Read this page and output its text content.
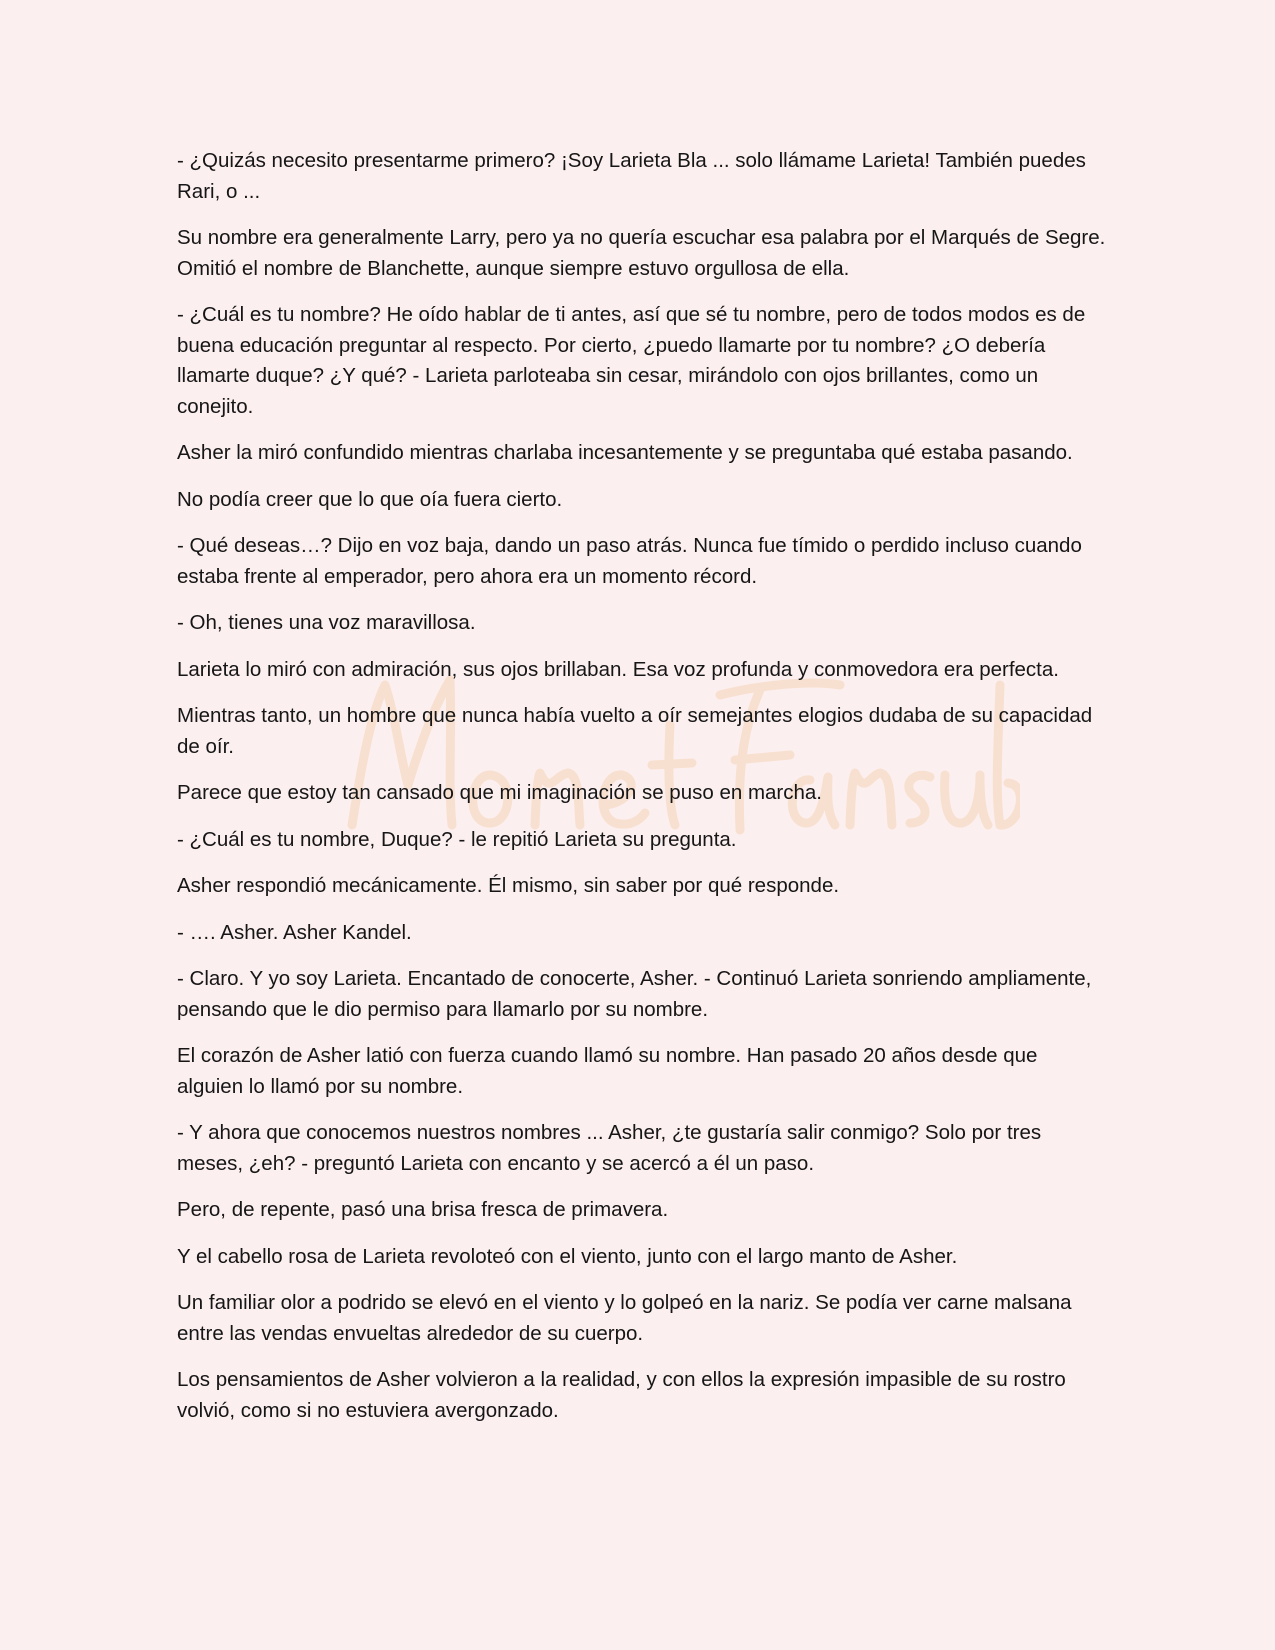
- ¿Quizás necesito presentarme primero? ¡Soy Larieta Bla ... solo llámame Larieta! También puedes Rari, o ...

Su nombre era generalmente Larry, pero ya no quería escuchar esa palabra por el Marqués de Segre. Omitió el nombre de Blanchette, aunque siempre estuvo orgullosa de ella.

- ¿Cuál es tu nombre? He oído hablar de ti antes, así que sé tu nombre, pero de todos modos es de buena educación preguntar al respecto. Por cierto, ¿puedo llamarte por tu nombre? ¿O debería llamarte duque? ¿Y qué? - Larieta parloteaba sin cesar, mirándolo con ojos brillantes, como un conejito.

Asher la miró confundido mientras charlaba incesantemente y se preguntaba qué estaba pasando.

No podía creer que lo que oía fuera cierto.

- Qué deseas…? Dijo en voz baja, dando un paso atrás. Nunca fue tímido o perdido incluso cuando estaba frente al emperador, pero ahora era un momento récord.

- Oh, tienes una voz maravillosa.

Larieta lo miró con admiración, sus ojos brillaban. Esa voz profunda y conmovedora era perfecta.

Mientras tanto, un hombre que nunca había vuelto a oír semejantes elogios dudaba de su capacidad de oír.

Parece que estoy tan cansado que mi imaginación se puso en marcha.

- ¿Cuál es tu nombre, Duque? - le repitió Larieta su pregunta.

Asher respondió mecánicamente. Él mismo, sin saber por qué responde.

- …. Asher. Asher Kandel.

- Claro. Y yo soy Larieta. Encantado de conocerte, Asher. - Continuó Larieta sonriendo ampliamente, pensando que le dio permiso para llamarlo por su nombre.

El corazón de Asher latió con fuerza cuando llamó su nombre. Han pasado 20 años desde que alguien lo llamó por su nombre.

- Y ahora que conocemos nuestros nombres ... Asher, ¿te gustaría salir conmigo? Solo por tres meses, ¿eh? - preguntó Larieta con encanto y se acercó a él un paso.

Pero, de repente, pasó una brisa fresca de primavera.

Y el cabello rosa de Larieta revoloteó con el viento, junto con el largo manto de Asher.

Un familiar olor a podrido se elevó en el viento y lo golpeó en la nariz. Se podía ver carne malsana entre las vendas envueltas alrededor de su cuerpo.

Los pensamientos de Asher volvieron a la realidad, y con ellos la expresión impasible de su rostro volvió, como si no estuviera avergonzado.
